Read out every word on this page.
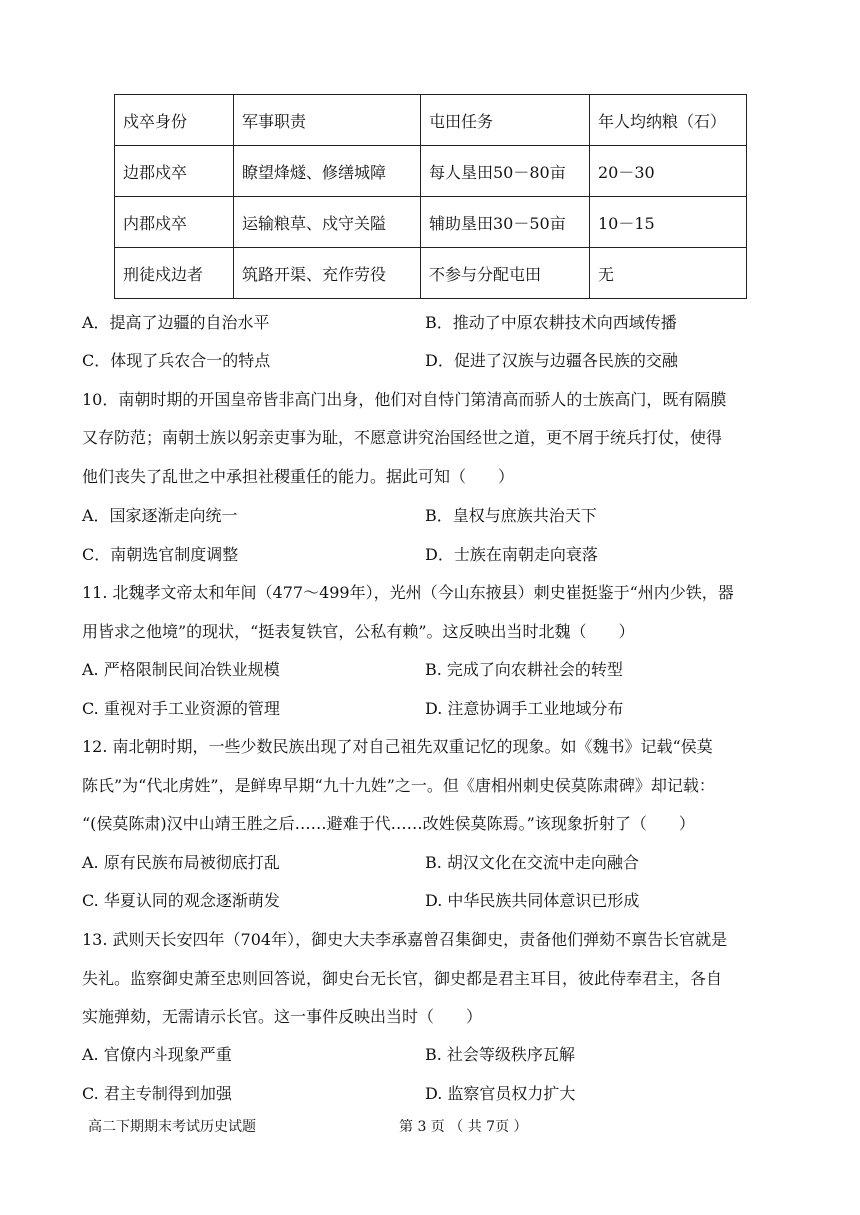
戍卒身份	军事职责	屯田任务	年人均纳粮（石）
边郡戍卒	瞭望烽燧、修缮城障	每人垦田50－80亩	20－30
内郡戍卒	运输粮草、戍守关隘	辅助垦田30－50亩	10－15
刑徒戍边者	筑路开渠、充作劳役	不参与分配屯田	无
A．提高了边疆的自治水平	B．推动了中原农耕技术向西域传播
C．体现了兵农合一的特点	D．促进了汉族与边疆各民族的交融
10．南朝时期的开国皇帝皆非高门出身，他们对自恃门第清高而骄人的士族高门，既有隔膜
又存防范；南朝士族以躬亲吏事为耻，不愿意讲究治国经世之道，更不屑于统兵打仗，使得
他们丧失了乱世之中承担社稷重任的能力。据此可知（　　）
A．国家逐渐走向统一	B．皇权与庶族共治天下
C．南朝选官制度调整	D．士族在南朝走向衰落
11. 北魏孝文帝太和年间（477～499年），光州（今山东掖县）刺史崔挺鉴于“州内少铁，器
用皆求之他境”的现状，“挺表复铁官，公私有赖”。这反映出当时北魏（　　）
A. 严格限制民间冶铁业规模	B. 完成了向农耕社会的转型
C. 重视对手工业资源的管理	D. 注意协调手工业地域分布
12. 南北朝时期，一些少数民族出现了对自己祖先双重记忆的现象。如《魏书》记载“侯莫
陈氏”为“代北虏姓”，是鲜卑早期“九十九姓”之一。但《唐相州刺史侯莫陈肃碑》却记载：
“(侯莫陈肃)汉中山靖王胜之后……避难于代……改姓侯莫陈焉。”该现象折射了（　　）
A. 原有民族布局被彻底打乱	B. 胡汉文化在交流中走向融合
C. 华夏认同的观念逐渐萌发	D. 中华民族共同体意识已形成
13. 武则天长安四年（704年），御史大夫李承嘉曾召集御史，责备他们弹劾不禀告长官就是
失礼。监察御史萧至忠则回答说，御史台无长官，御史都是君主耳目，彼此侍奉君主，各自
实施弹劾，无需请示长官。这一事件反映出当时（　　）
A. 官僚内斗现象严重	B. 社会等级秩序瓦解
C. 君主专制得到加强	D. 监察官员权力扩大
高二下期期末考试历史试题	第 3 页 （ 共 7页 ）
